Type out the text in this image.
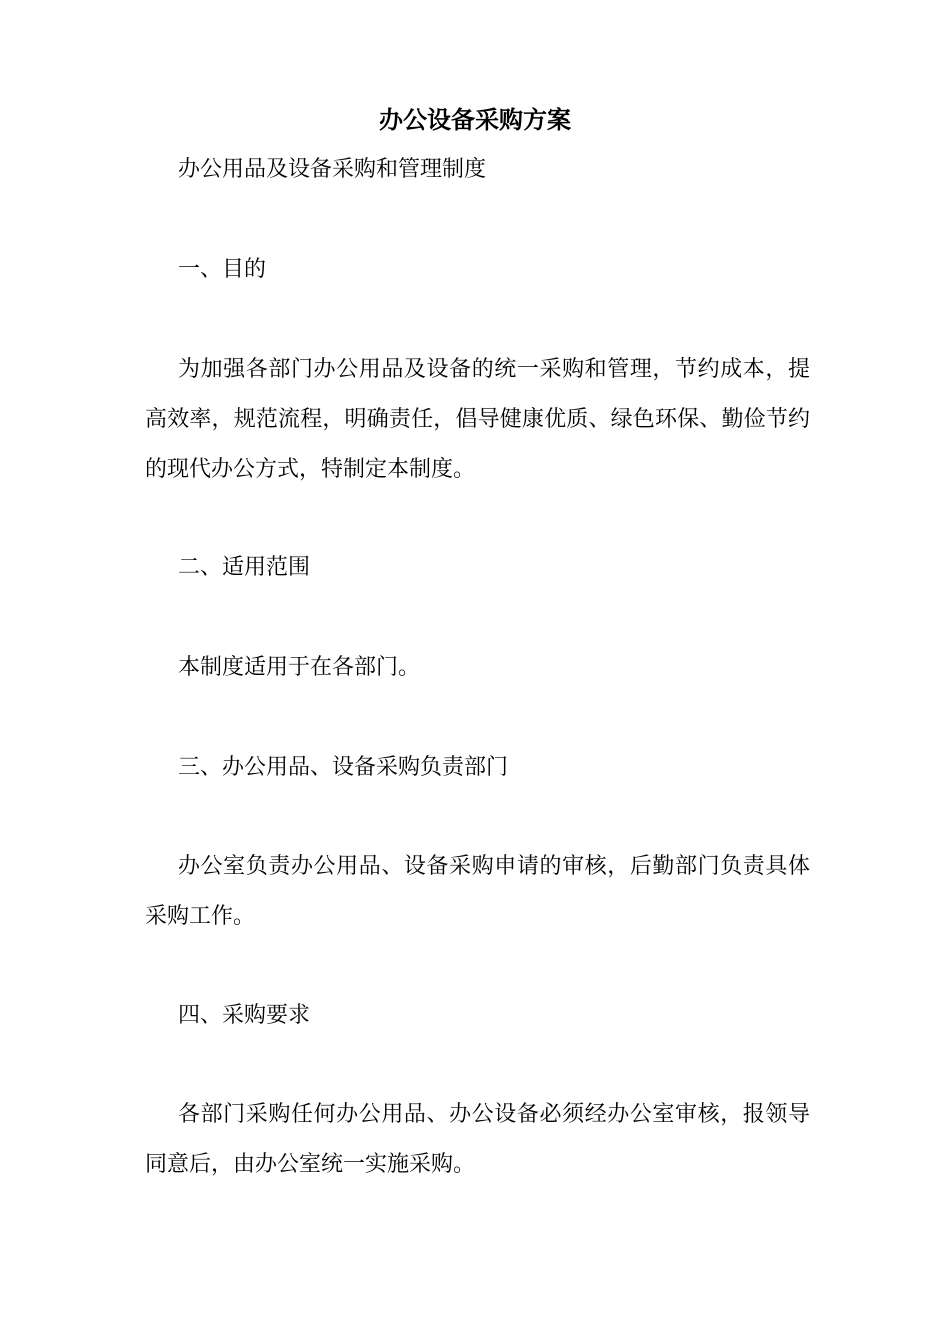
办公设备采购方案

办公用品及设备采购和管理制度

一、目的

为加强各部门办公用品及设备的统一采购和管理，节约成本，提高效率，规范流程，明确责任，倡导健康优质、绿色环保、勤俭节约的现代办公方式，特制定本制度。

二、适用范围

本制度适用于在各部门。

三、办公用品、设备采购负责部门

办公室负责办公用品、设备采购申请的审核，后勤部门负责具体采购工作。

四、采购要求

各部门采购任何办公用品、办公设备必须经办公室审核，报领导同意后，由办公室统一实施采购。
